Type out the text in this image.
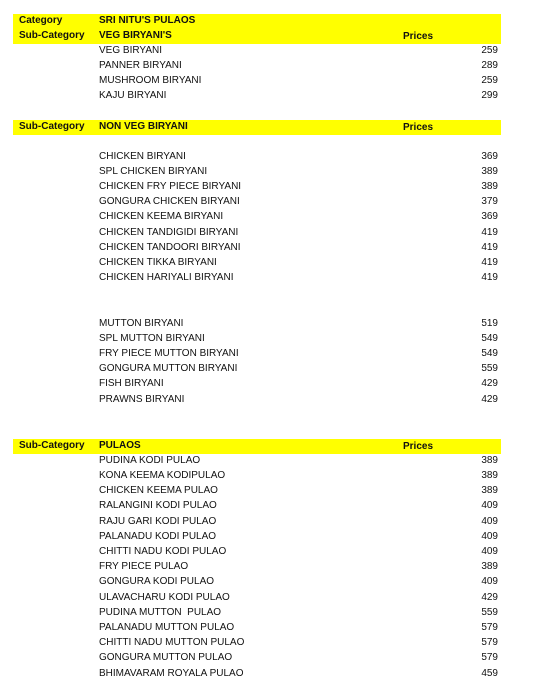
Category	SRI NITU'S PULAOS
Sub-Category VEG BIRYANI'S	Prices
VEG BIRYANI	259
PANNER BIRYANI	289
MUSHROOM BIRYANI	259
KAJU BIRYANI	299
Sub-Category NON VEG BIRYANI	Prices
CHICKEN BIRYANI	369
SPL CHICKEN BIRYANI	389
CHICKEN FRY PIECE BIRYANI	389
GONGURA CHICKEN BIRYANI	379
CHICKEN KEEMA BIRYANI	369
CHICKEN TANDIGIDI BIRYANI	419
CHICKEN TANDOORI BIRYANI	419
CHICKEN TIKKA BIRYANI	419
CHICKEN HARIYALI BIRYANI	419
MUTTON BIRYANI	519
SPL MUTTON BIRYANI	549
FRY PIECE MUTTON BIRYANI	549
GONGURA MUTTON BIRYANI	559
FISH BIRYANI	429
PRAWNS BIRYANI	429
Sub-Category PULAOS	Prices
PUDINA KODI PULAO	389
KONA KEEMA KODIPULAO	389
CHICKEN KEEMA PULAO	389
RALANGINI KODI PULAO	409
RAJU GARI KODI PULAO	409
PALANADU KODI PULAO	409
CHITTI NADU KODI PULAO	409
FRY PIECE PULAO	389
GONGURA KODI PULAO	409
ULAVACHARU KODI PULAO	429
PUDINA MUTTON  PULAO	559
PALANADU MUTTON PULAO	579
CHITTI NADU MUTTON PULAO	579
GONGURA MUTTON PULAO	579
BHIMAVARAM ROYALA PULAO	459
